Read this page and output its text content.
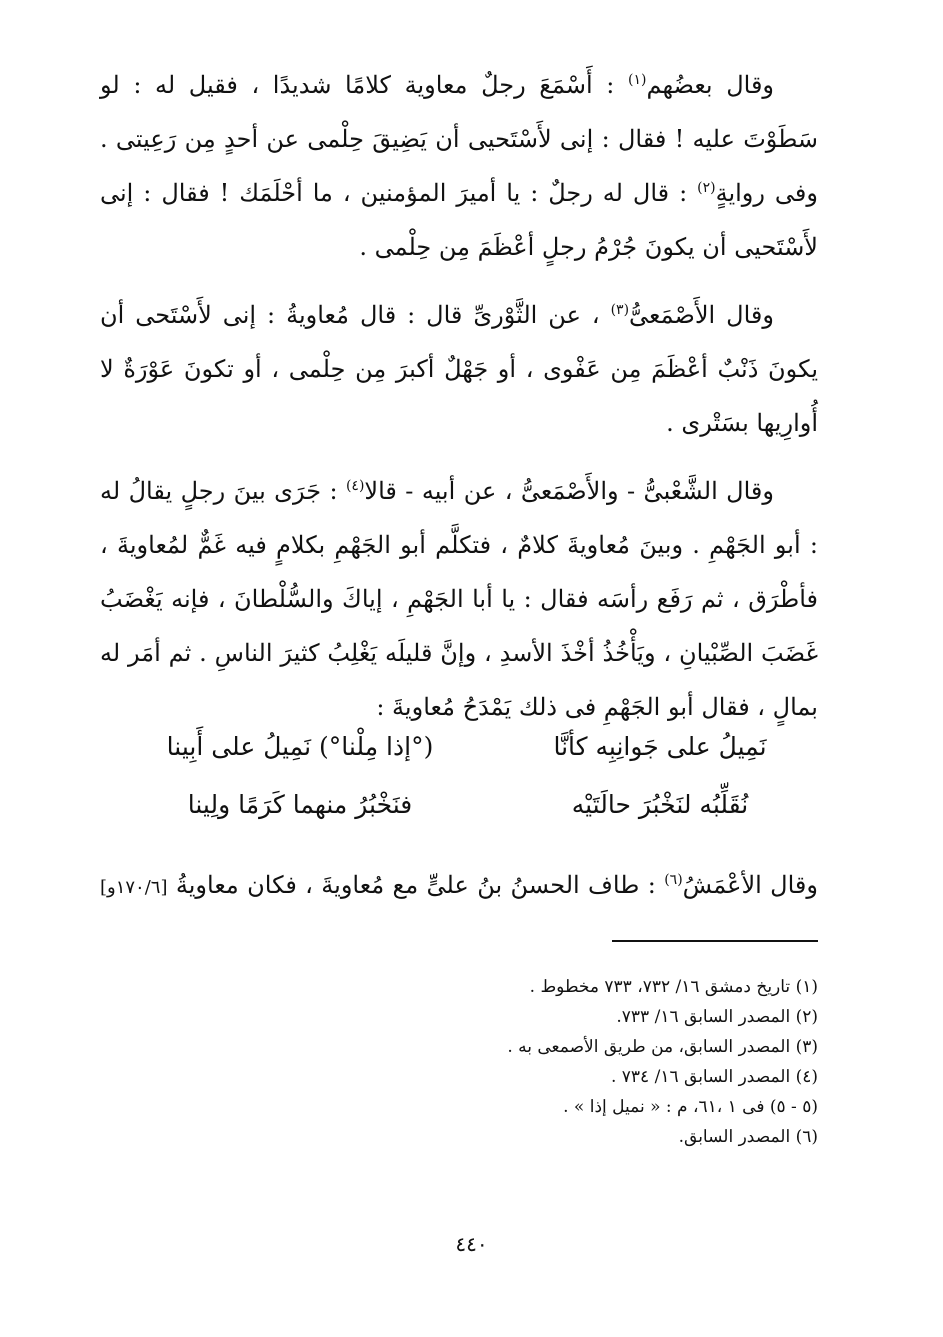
وقال بعضُهم$^{(١)}$ : أَسْمَعَ رجلٌ معاوية كلامًا شديدًا ، فقيل له : لو سَطَوْتَ عليه ! فقال : إنى لأَسْتَحيى أن يَضِيقَ حِلْمى عن أحدٍ مِن رَعِيتى . وفى روايةٍ$^{(٢)}$ : قال له رجلٌ : يا أميرَ المؤمنين ، ما أحْلَمَك ! فقال : إنى لأَسْتَحيى أن يكونَ جُرْمُ رجلٍ أعْظَمَ مِن حِلْمى .

وقال الأَصْمَعىُّ$^{(٣)}$ ، عن الثَّوْرىِّ قال : قال مُعاويةُ : إنى لأَسْتَحى أن يكونَ ذَنْبٌ أعْظَمَ مِن عَفْوى ، أو جَهْلٌ أكبرَ مِن حِلْمى ، أو تكونَ عَوْرَةٌ لا أُوارِيها بسَتْرى .

وقال الشَّعْبىُّ - والأَصْمَعىُّ ، عن أبيه - قالا$^{(٤)}$ : جَرَى بينَ رجلٍ يقالُ له : أبو الجَهْمِ . وبينَ مُعاويةَ كلامٌ ، فتكلَّم أبو الجَهْمِ بكلامٍ فيه غَمٌّ لمُعاويةَ ، فأطْرَق ، ثم رَفَع رأسَه فقال : يا أبا الجَهْمِ ، إياكَ والسُّلْطانَ ، فإنه يَغْضَبُ غَضَبَ الصِّبْيانِ ، ويَأْخُذُ أخْذَ الأسدِ ، وإنَّ قليلَه يَغْلِبُ كثيرَ الناسِ . ثم أمَر له بمالٍ ، فقال أبو الجَهْمِ فى ذلك يَمْدَحُ مُعاويةَ :

نَمِيلُ على جَوانِبِه كأنَّا
(°إذا مِلْنا°) نَمِيلُ على أَبِينا
نُقَلِّبُه لنَخْبُرَ حالَتَيْه
فنَخْبُرُ منهما كَرَمًا ولِينا
وقال الأعْمَشُ$^{(٦)}$ : طاف الحسنُ بنُ علىٍّ مع مُعاويةَ ، فكان معاويةُ [١٧٠/٦و]
(١) تاريخ دمشق ١٦/ ٧٣٢، ٧٣٣ مخطوط .
(٢) المصدر السابق ١٦/ ٧٣٣.
(٣) المصدر السابق، من طريق الأصمعى به .
(٤) المصدر السابق ١٦/ ٧٣٤ .
(٥ - ٥) فى ١ ،٦١، م : « نميل إذا » .
(٦) المصدر السابق.
٤٤٠
